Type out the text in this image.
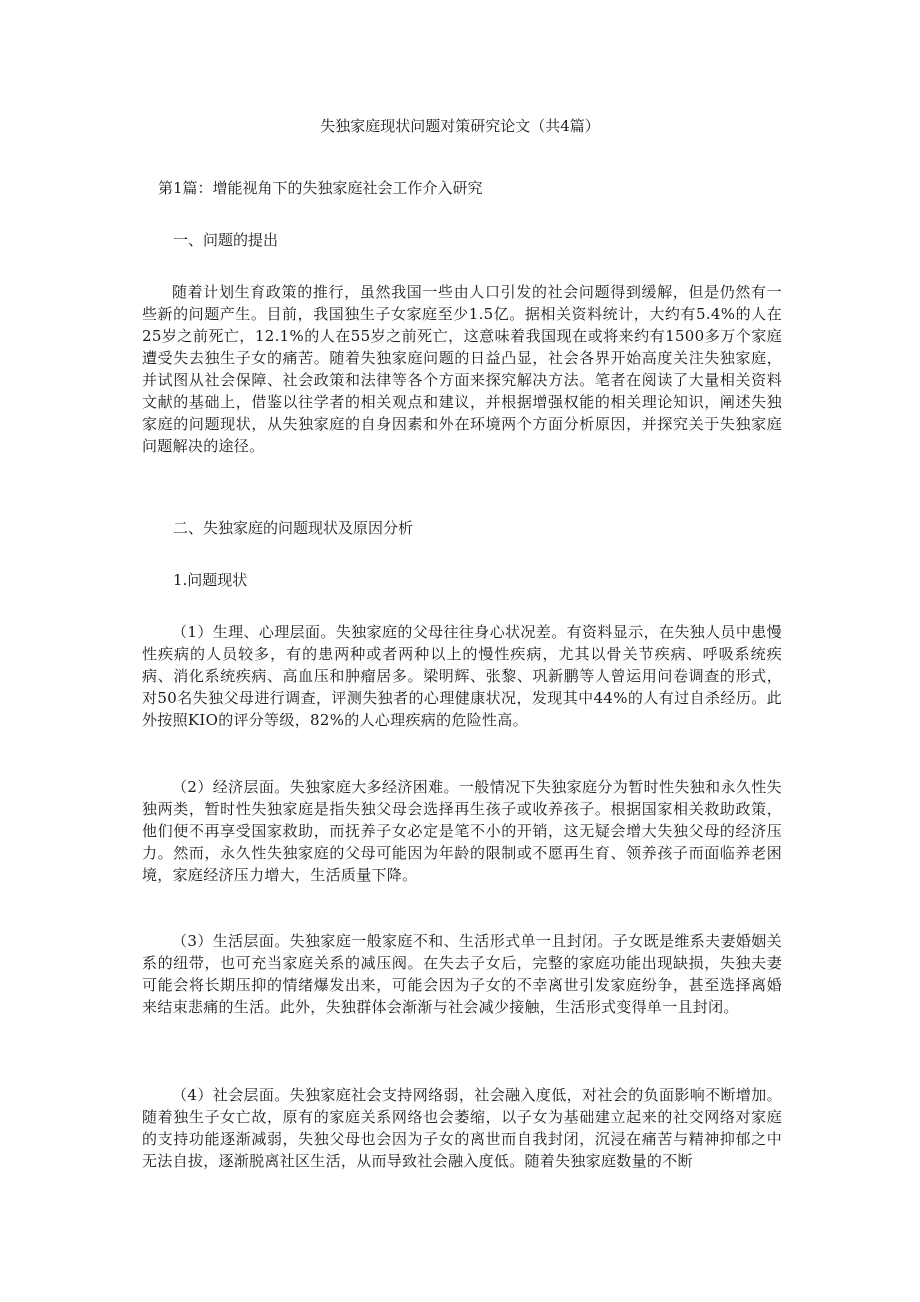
失独家庭现状问题对策研究论文（共4篇）
第1篇：增能视角下的失独家庭社会工作介入研究
一、问题的提出

随着计划生育政策的推行，虽然我国一些由人口引发的社会问题得到缓解，但是仍然有一些新的问题产生。目前，我国独生子女家庭至少1.5亿。据相关资料统计，大约有5.4%的人在25岁之前死亡，12.1%的人在55岁之前死亡，这意味着我国现在或将来约有1500多万个家庭遭受失去独生子女的痛苦。随着失独家庭问题的日益凸显，社会各界开始高度关注失独家庭，并试图从社会保障、社会政策和法律等各个方面来探究解决方法。笔者在阅读了大量相关资料文献的基础上，借鉴以往学者的相关观点和建议，并根据增强权能的相关理论知识，阐述失独家庭的问题现状，从失独家庭的自身因素和外在环境两个方面分析原因，并探究关于失独家庭问题解决的途径。

二、失独家庭的问题现状及原因分析
1.问题现状

（1）生理、心理层面。失独家庭的父母往往身心状况差。有资料显示，在失独人员中患慢性疾病的人员较多，有的患两种或者两种以上的慢性疾病，尤其以骨关节疾病、呼吸系统疾病、消化系统疾病、高血压和肿瘤居多。梁明辉、张黎、巩新鹏等人曾运用问卷调查的形式，对50名失独父母进行调查，评测失独者的心理健康状况，发现其中44%的人有过自杀经历。此外按照KIO的评分等级，82%的人心理疾病的危险性高。

（2）经济层面。失独家庭大多经济困难。一般情况下失独家庭分为暂时性失独和永久性失独两类，暂时性失独家庭是指失独父母会选择再生孩子或收养孩子。根据国家相关救助政策，他们便不再享受国家救助，而抚养子女必定是笔不小的开销，这无疑会增大失独父母的经济压力。然而，永久性失独家庭的父母可能因为年龄的限制或不愿再生育、领养孩子而面临养老困境，家庭经济压力增大，生活质量下降。

（3）生活层面。失独家庭一般家庭不和、生活形式单一且封闭。子女既是维系夫妻婚姻关系的纽带，也可充当家庭关系的减压阀。在失去子女后，完整的家庭功能出现缺损，失独夫妻可能会将长期压抑的情绪爆发出来，可能会因为子女的不幸离世引发家庭纷争，甚至选择离婚来结束悲痛的生活。此外，失独群体会渐渐与社会减少接触，生活形式变得单一且封闭。

（4）社会层面。失独家庭社会支持网络弱，社会融入度低，对社会的负面影响不断增加。随着独生子女亡故，原有的家庭关系网络也会萎缩，以子女为基础建立起来的社交网络对家庭的支持功能逐渐减弱，失独父母也会因为子女的离世而自我封闭，沉浸在痛苦与精神抑郁之中无法自拔，逐渐脱离社区生活，从而导致社会融入度低。随着失独家庭数量的不断
